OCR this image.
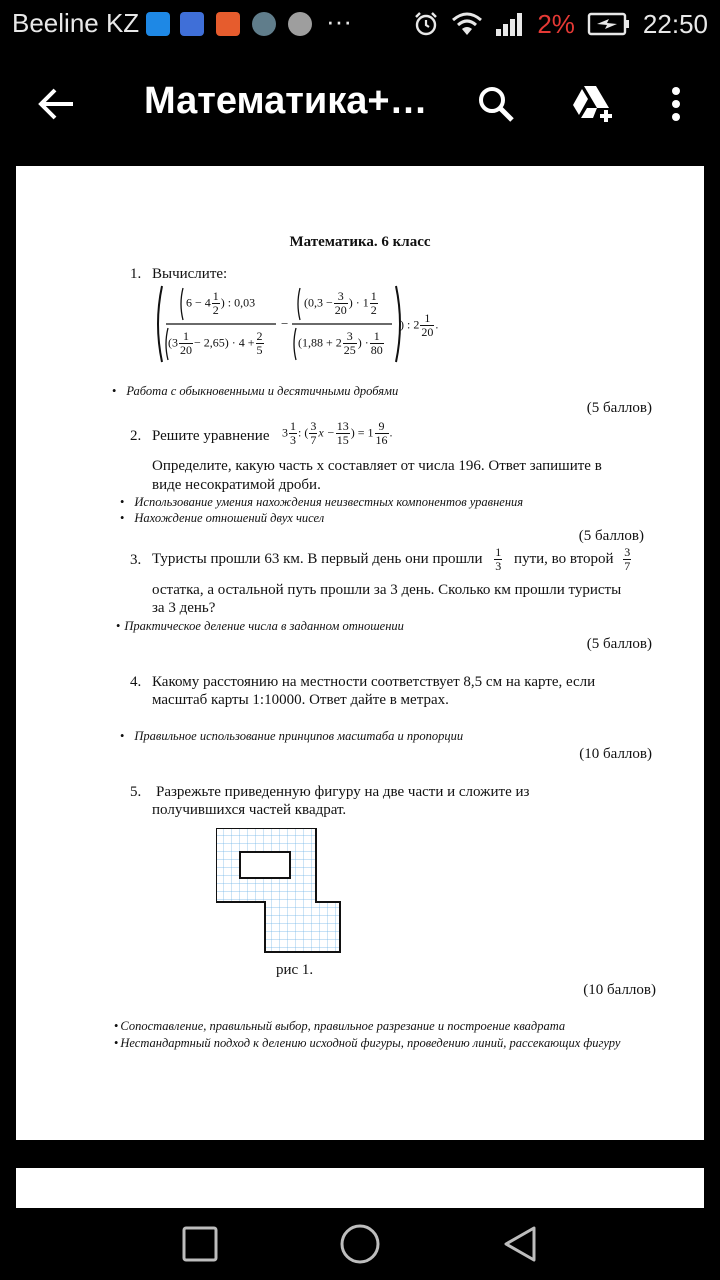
Beeline KZ	···	2%	22:50
Математика+…
Математика. 6 класс
1. Вычислите:
$6 - 4 \frac{1}{2}$ ) : 0,03
$(3 \frac{1}{20} - 2,65) \cdot 4 + \frac{2}{5}$
−
($0,3 - \frac{3}{20}$ ) · $1 \frac{1}{2}$
($1,88 + 2 \frac{3}{25}$ ) · $\frac{1}{80}$
) : $2 \frac{1}{20}$ .
• Работа с обыкновенными и десятичными дробями
(5 баллов)
2. Решите уравнение $3 \frac{1}{3}$ : ( $\frac{3}{7}$ $x - \frac{13}{15}$ ) = $1 \frac{9}{16}$ .
Определите, какую часть x составляет от числа 196. Ответ запишите в
виде несократимой дроби.
• Использование умения нахождения неизвестных компонентов уравнения
• Нахождение отношений двух чисел
(5 баллов)
3. Туристы прошли 63 км. В первый день они прошли $\frac{1}{3}$ пути, во второй $\frac{3}{7}$
остатка, а остальной путь прошли за 3 день. Сколько км прошли туристы
за 3 день?
• Практическое деление числа в заданном отношении
(5 баллов)
4. Какому расстоянию на местности соответствует 8,5 см на карте, если
масштаб карты 1:10000. Ответ дайте в метрах.
• Правильное использование принципов масштаба и пропорции
(10 баллов)
5. Разрежьте приведенную фигуру на две части и сложите из
получившихся частей квадрат.
рис 1.
(10 баллов)
• Сопоставление, правильный выбор, правильное разрезание и построение квадрата
• Нестандартный подход к делению исходной фигуры, проведению линий, рассекающих фигуру
